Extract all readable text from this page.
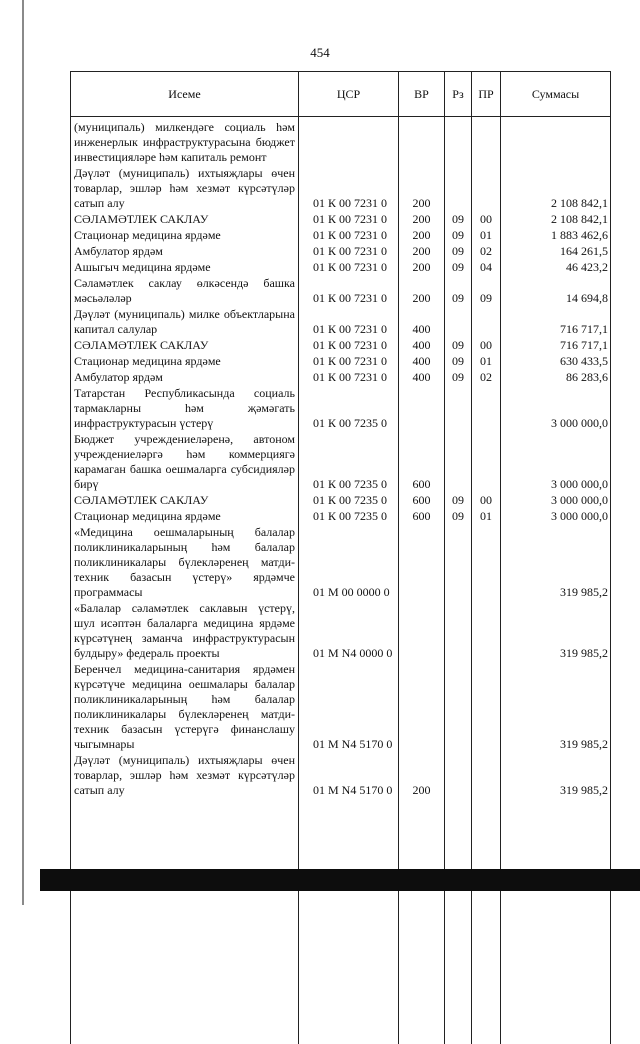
454
Исеме	ЦСР	ВР	Рз	ПР	Суммасы
(муниципаль) милкендәге социаль һәм инженерлык инфраструктурасына бюджет инвестицияләре һәм капиталь ремонт					
Дәүләт (муниципаль) ихтыяҗлары өчен товарлар, эшләр һәм хезмәт күрсәтүләр сатып алу	01 К 00 7231 0	200			2 108 842,1
СӘЛАМӘТЛЕК САКЛАУ	01 К 00 7231 0	200	09	00	2 108 842,1
Стационар медицина ярдәме	01 К 00 7231 0	200	09	01	1 883 462,6
Амбулатор ярдәм	01 К 00 7231 0	200	09	02	164 261,5
Ашыгыч медицина ярдәме	01 К 00 7231 0	200	09	04	46 423,2
Сәламәтлек саклау өлкәсендә башка мәсьәләләр	01 К 00 7231 0	200	09	09	14 694,8
Дәүләт (муниципаль) милке объектларына капитал салулар	01 К 00 7231 0	400			716 717,1
СӘЛАМӘТЛЕК САКЛАУ	01 К 00 7231 0	400	09	00	716 717,1
Стационар медицина ярдәме	01 К 00 7231 0	400	09	01	630 433,5
Амбулатор ярдәм	01 К 00 7231 0	400	09	02	86 283,6
Татарстан Республикасында социаль тармакларны һәм җәмәгать инфраструктурасын үстерү	01 К 00 7235 0				3 000 000,0
Бюджет учреждениеләренә, автоном учреждениеләргә һәм коммерциягә карамаган башка оешмаларга субсидияләр бирү	01 К 00 7235 0	600			3 000 000,0
СӘЛАМӘТЛЕК САКЛАУ	01 К 00 7235 0	600	09	00	3 000 000,0
Стационар медицина ярдәме	01 К 00 7235 0	600	09	01	3 000 000,0
«Медицина оешмаларының балалар поликлиникаларының һәм балалар поликлиникалары бүлекләренең матди-техник базасын үстерү» ярдәмче программасы	01 М 00 0000 0				319 985,2
«Балалар сәламәтлек саклавын үстерү, шул исәптән балаларга медицина ярдәме күрсәтүнең заманча инфраструктурасын булдыру» федераль проекты	01 М N4 0000 0				319 985,2
Беренчел медицина-санитария ярдәмен күрсәтүче медицина оешмалары балалар поликлиникаларының һәм балалар поликлиникалары бүлекләренең матди-техник базасын үстерүгә финанслашу чыгымнары	01 М N4 5170 0				319 985,2
Дәүләт (муниципаль) ихтыяҗлары өчен товарлар, эшләр һәм хезмәт күрсәтүләр сатып алу	01 М N4 5170 0	200			319 985,2
